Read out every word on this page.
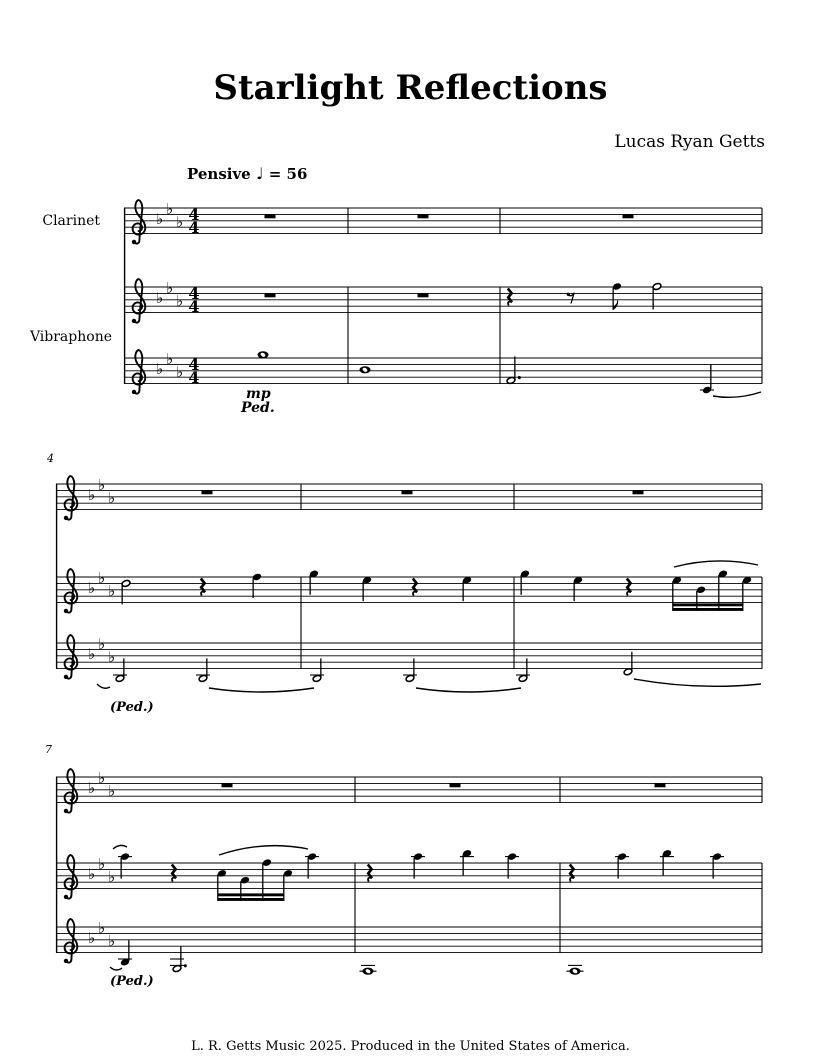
♭
♭
♭ 4
4
♭
♭
♭ 4
4
♭
♭
♭ 4
4
♭
♭
♭
♭
♭
♭
♭
♭
♭
♭
♭
♭
♭
♭
♭
♭
♭
♭
Starlight Reflections
Lucas Ryan Getts
Pensive ♩ = 56
Clarinet
Vibraphone
mp
Ped.
(Ped.)
(Ped.)
4
7
L. R. Getts Music 2025. Produced in the United States of America.
